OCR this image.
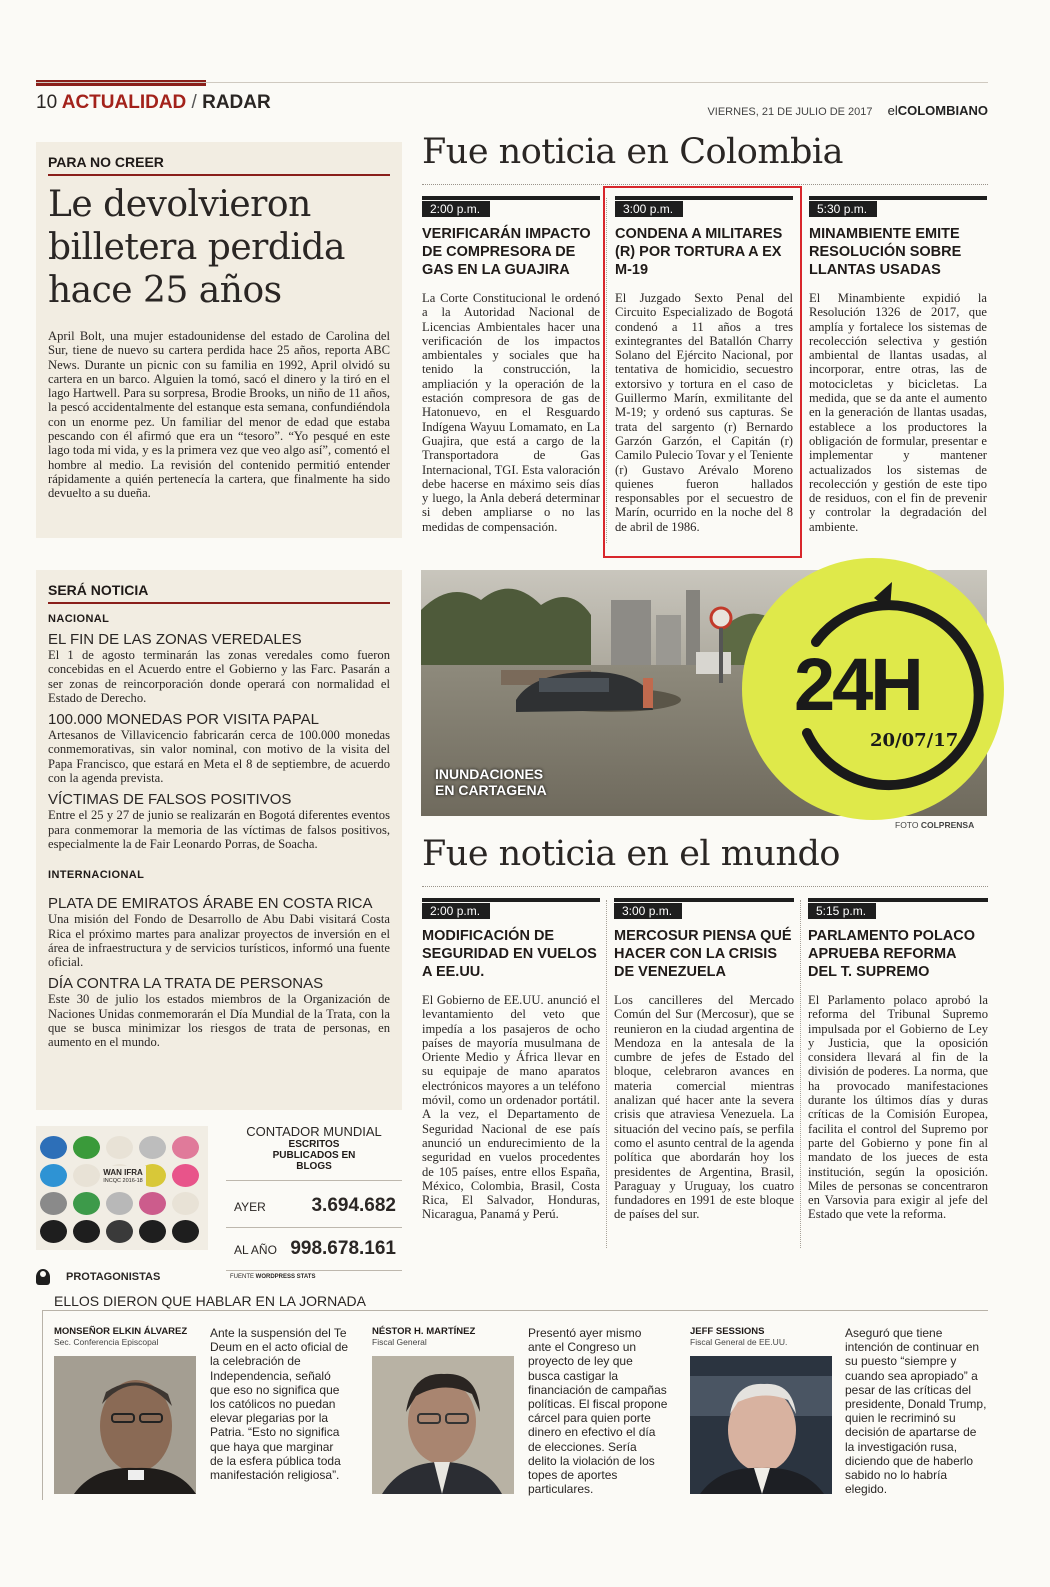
10 ACTUALIDAD / RADAR	VIERNES, 21 DE JULIO DE 2017 elCOLOMBIANO
PARA NO CREER
Le devolvieron billetera perdida hace 25 años
April Bolt, una mujer estadounidense del estado de Carolina del Sur, tiene de nuevo su cartera perdida hace 25 años, reporta ABC News. Durante un picnic con su familia en 1992, April olvidó su cartera en un barco. Alguien la tomó, sacó el dinero y la tiró en el lago Hartwell. Para su sorpresa, Brodie Brooks, un niño de 11 años, la pescó accidentalmente del estanque esta semana, confundiéndola con un enorme pez. Un familiar del menor de edad que estaba pescando con él afirmó que era un “tesoro”. “Yo pesqué en este lago toda mi vida, y es la primera vez que veo algo así”, comentó el hombre al medio. La revisión del contenido permitió entender rápidamente a quién pertenecía la cartera, que finalmente ha sido devuelto a su dueña.
Fue noticia en Colombia
2:00 p.m.
VERIFICARÁN IMPACTO DE COMPRESORA DE GAS EN LA GUAJIRA
La Corte Constitucional le ordenó a la Autoridad Nacional de Licencias Ambientales hacer una verificación de los impactos ambientales y sociales que ha tenido la construcción, la ampliación y la operación de la estación compresora de gas de Hatonuevo, en el Resguardo Indígena Wayuu Lomamato, en La Guajira, que está a cargo de la Transportadora de Gas Internacional, TGI. Esta valoración debe hacerse en máximo seis días y luego, la Anla deberá determinar si deben ampliarse o no las medidas de compensación.
3:00 p.m.
CONDENA A MILITARES (R) POR TORTURA A EX M-19
El Juzgado Sexto Penal del Circuito Especializado de Bogotá condenó a 11 años a tres exintegrantes del Batallón Charry Solano del Ejército Nacional, por tentativa de homicidio, secuestro extorsivo y tortura en el caso de Guillermo Marín, exmilitante del M-19; y ordenó sus capturas. Se trata del sargento (r) Bernardo Garzón Garzón, el Capitán (r) Camilo Pulecio Tovar y el Teniente (r) Gustavo Arévalo Moreno quienes fueron hallados responsables por el secuestro de Marín, ocurrido en la noche del 8 de abril de 1986.
5:30 p.m.
MINAMBIENTE EMITE RESOLUCIÓN SOBRE LLANTAS USADAS
El Minambiente expidió la Resolución 1326 de 2017, que amplía y fortalece los sistemas de recolección selectiva y gestión ambiental de llantas usadas, al incorporar, entre otras, las de motocicletas y bicicletas. La medida, que se da ante el aumento en la generación de llantas usadas, establece a los productores la obligación de formular, presentar e implementar y mantener actualizados los sistemas de recolección y gestión de este tipo de residuos, con el fin de prevenir y controlar la degradación del ambiente.
SERÁ NOTICIA
NACIONAL
EL FIN DE LAS ZONAS VEREDALES
El 1 de agosto terminarán las zonas veredales como fueron concebidas en el Acuerdo entre el Gobierno y las Farc. Pasarán a ser zonas de reincorporación donde operará con normalidad el Estado de Derecho.
100.000 MONEDAS POR VISITA PAPAL
Artesanos de Villavicencio fabricarán cerca de 100.000 monedas conmemorativas, sin valor nominal, con motivo de la visita del Papa Francisco, que estará en Meta el 8 de septiembre, de acuerdo con la agenda prevista.
VÍCTIMAS DE FALSOS POSITIVOS
Entre el 25 y 27 de junio se realizarán en Bogotá diferentes eventos para conmemorar la memoria de las víctimas de falsos positivos, especialmente la de Fair Leonardo Porras, de Soacha.
INTERNACIONAL
PLATA DE EMIRATOS ÁRABE EN COSTA RICA
Una misión del Fondo de Desarrollo de Abu Dabi visitará Costa Rica el próximo martes para analizar proyectos de inversión en el área de infraestructura y de servicios turísticos, informó una fuente oficial.
DÍA CONTRA LA TRATA DE PERSONAS
Este 30 de julio los estados miembros de la Organización de Naciones Unidas conmemorarán el Día Mundial de la Trata, con la que se busca minimizar los riesgos de trata de personas, en aumento en el mundo.
INUNDACIONES
EN CARTAGENA
24H
20/07/17
FOTO COLPRENSA
Fue noticia en el mundo
2:00 p.m.
MODIFICACIÓN DE SEGURIDAD EN VUELOS A EE.UU.
El Gobierno de EE.UU. anunció el levantamiento del veto que impedía a los pasajeros de ocho países de mayoría musulmana de Oriente Medio y África llevar en su equipaje de mano aparatos electrónicos mayores a un teléfono móvil, como un ordenador portátil. A la vez, el Departamento de Seguridad Nacional de ese país anunció un endurecimiento de la seguridad en vuelos procedentes de 105 países, entre ellos España, México, Colombia, Brasil, Costa Rica, El Salvador, Honduras, Nicaragua, Panamá y Perú.
3:00 p.m.
MERCOSUR PIENSA QUÉ HACER CON LA CRISIS DE VENEZUELA
Los cancilleres del Mercado Común del Sur (Mercosur), que se reunieron en la ciudad argentina de Mendoza en la antesala de la cumbre de jefes de Estado del bloque, celebraron avances en materia comercial mientras analizan qué hacer ante la severa crisis que atraviesa Venezuela. La situación del vecino país, se perfila como el asunto central de la agenda política que abordarán hoy los presidentes de Argentina, Brasil, Paraguay y Uruguay, los cuatro fundadores en 1991 de este bloque de países del sur.
5:15 p.m.
PARLAMENTO POLACO APRUEBA REFORMA DEL T. SUPREMO
El Parlamento polaco aprobó la reforma del Tribunal Supremo impulsada por el Gobierno de Ley y Justicia, que la oposición considera llevará al fin de la división de poderes. La norma, que ha provocado manifestaciones durante los últimos días y duras críticas de la Comisión Europea, facilita el control del Supremo por parte del Gobierno y pone fin al mandato de los jueces de esta institución, según la oposición. Miles de personas se concentraron en Varsovia para exigir al jefe del Estado que vete la reforma.
WAN IFRA
INCQC 2016-18
CONTADOR MUNDIAL
ESCRITOS PUBLICADOS EN BLOGS
AYER 3.694.682
AL AÑO 998.678.161
FUENTE WORDPRESS STATS
PROTAGONISTAS
ELLOS DIERON QUE HABLAR EN LA JORNADA
MONSEÑOR ELKIN ÁLVAREZ
Sec. Conferencia Episcopal
Ante la suspensión del Te Deum en el acto oficial de la celebración de Independencia, señaló que eso no significa que los católicos no puedan elevar plegarias por la Patria. “Esto no significa que haya que marginar de la esfera pública toda manifestación religiosa”.
NÉSTOR H. MARTÍNEZ
Fiscal General
Presentó ayer mismo ante el Congreso un proyecto de ley que busca castigar la financiación de campañas políticas. El fiscal propone cárcel para quien porte dinero en efectivo el día de elecciones. Sería delito la violación de los topes de aportes particulares.
JEFF SESSIONS
Fiscal General de EE.UU.
Aseguró que tiene intención de continuar en su puesto “siempre y cuando sea apropiado” a pesar de las críticas del presidente, Donald Trump, quien le recriminó su decisión de apartarse de la investigación rusa, diciendo que de haberlo sabido no lo habría elegido.
